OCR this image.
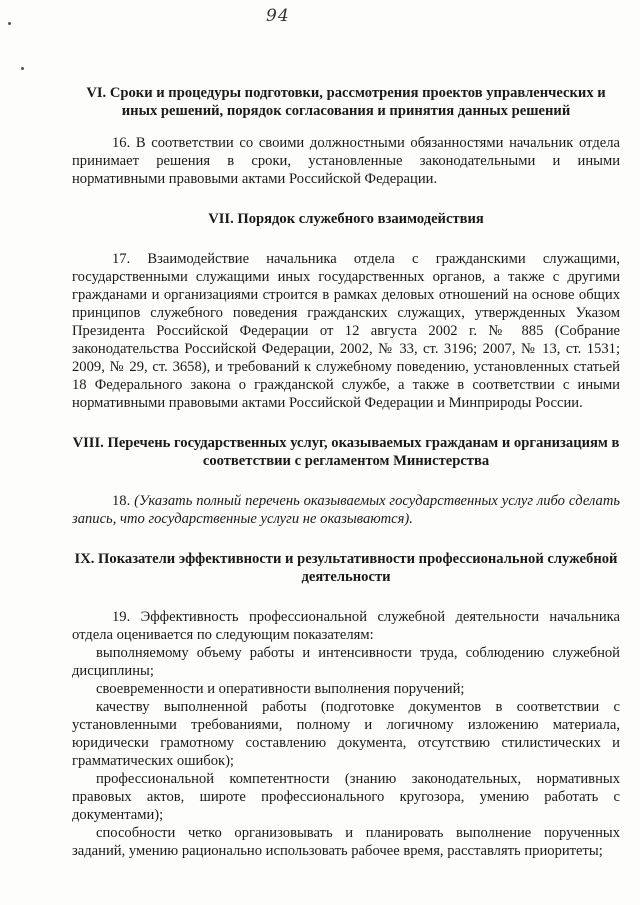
94

VI. Сроки и процедуры подготовки, рассмотрения проектов управленческих и иных решений, порядок согласования и принятия данных решений

16. В соответствии со своими должностными обязанностями начальник отдела принимает решения в сроки, установленные законодательными и иными нормативными правовыми актами Российской Федерации.

VII. Порядок служебного взаимодействия

17. Взаимодействие начальника отдела с гражданскими служащими, государственными служащими иных государственных органов, а также с другими гражданами и организациями строится в рамках деловых отношений на основе общих принципов служебного поведения гражданских служащих, утвержденных Указом Президента Российской Федерации от 12 августа 2002 г. № 885 (Собрание законодательства Российской Федерации, 2002, № 33, ст. 3196; 2007, № 13, ст. 1531; 2009, № 29, ст. 3658), и требований к служебному поведению, установленных статьей 18 Федерального закона о гражданской службе, а также в соответствии с иными нормативными правовыми актами Российской Федерации и Минприроды России.

VIII. Перечень государственных услуг, оказываемых гражданам и организациям в соответствии с регламентом Министерства

18. (Указать полный перечень оказываемых государственных услуг либо сделать запись, что государственные услуги не оказываются).

IX. Показатели эффективности и результативности профессиональной служебной деятельности

19. Эффективность профессиональной служебной деятельности начальника отдела оценивается по следующим показателям:

выполняемому объему работы и интенсивности труда, соблюдению служебной дисциплины;

своевременности и оперативности выполнения поручений;

качеству выполненной работы (подготовке документов в соответствии с установленными требованиями, полному и логичному изложению материала, юридически грамотному составлению документа, отсутствию стилистических и грамматических ошибок);

профессиональной компетентности (знанию законодательных, нормативных правовых актов, широте профессионального кругозора, умению работать с документами);

способности четко организовывать и планировать выполнение порученных заданий, умению рационально использовать рабочее время, расставлять приоритеты;
